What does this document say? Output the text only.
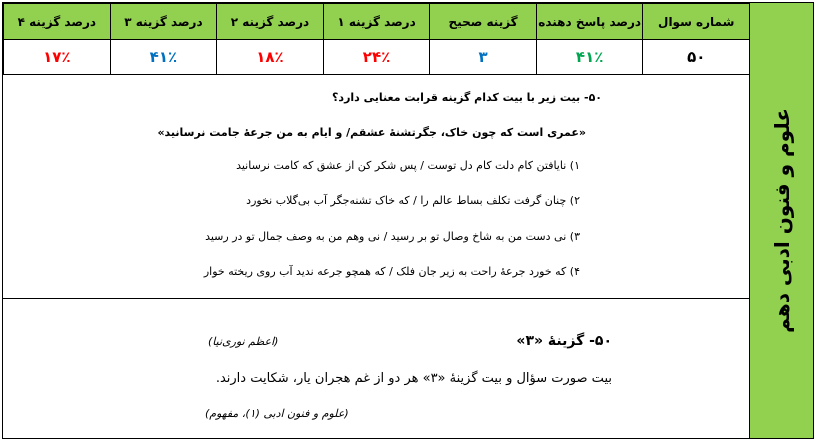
شماره سوال	درصد پاسخ دهنده	گزینه صحیح	درصد گزینه ۱	درصد گزینه ۲	درصد گزینه ۳	درصد گزینه ۴
۵۰	۴۱٪	۳	۲۴٪	۱۸٪	۴۱٪	۱۷٪
۵۰- بیت زیر با بیت کدام گزینه قرابت معنایی دارد؟
«عمری است که چون خاک، جگرتشنهٔ عشقم/ و ایام به من جرعهٔ جامت نرسانید»
۱) نایافتن کام دلت کام دل توست / پس شکر کن از عشق که کامت نرسانید
۲) چنان گرفت تکلف بساط عالم را / که خاک تشنه‌جگر آب بی‌گلاب نخورد
۳) نی دست من به شاخ وصال تو بر رسید / نی وهم من به وصف جمال تو در رسید
۴) که خورد جرعهٔ راحت به زیر جان فلک / که همچو جرعه ندید آب روی ریخته خوار
۵۰- گزینهٔ «۳»
(اعظم نوری‌نیا)
بیت صورت سؤال و بیت گزینهٔ «۳» هر دو از غم هجران یار، شکایت دارند.
(علوم و فنون ادبی (۱)، مفهوم)
علوم و فنون ادبی دهم
